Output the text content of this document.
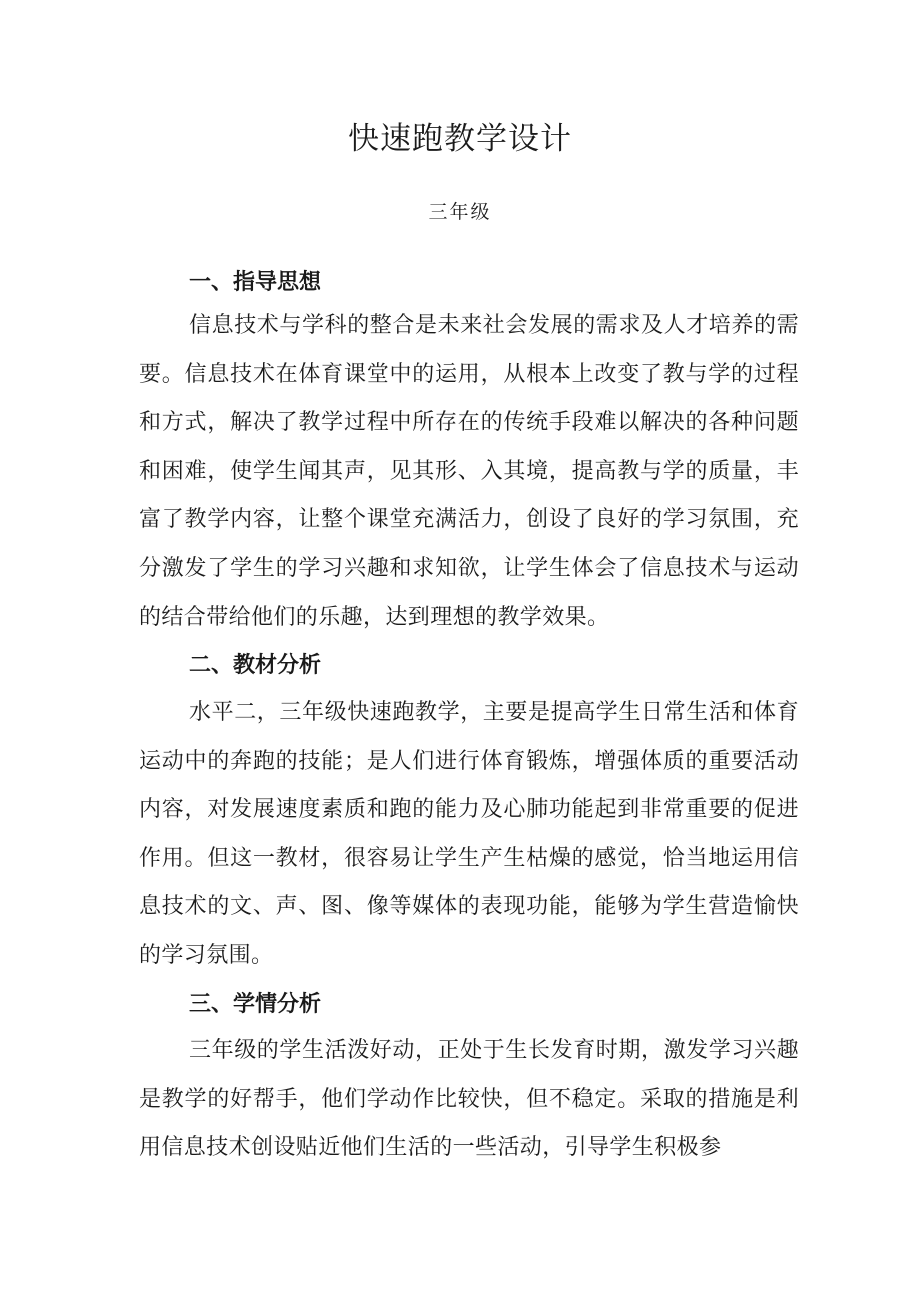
快速跑教学设计
三年级
一、指导思想

信息技术与学科的整合是未来社会发展的需求及人才培养的需要。信息技术在体育课堂中的运用，从根本上改变了教与学的过程和方式，解决了教学过程中所存在的传统手段难以解决的各种问题和困难，使学生闻其声，见其形、入其境，提高教与学的质量，丰富了教学内容，让整个课堂充满活力，创设了良好的学习氛围，充分激发了学生的学习兴趣和求知欲，让学生体会了信息技术与运动的结合带给他们的乐趣，达到理想的教学效果。

二、教材分析

水平二，三年级快速跑教学，主要是提高学生日常生活和体育运动中的奔跑的技能；是人们进行体育锻炼，增强体质的重要活动内容，对发展速度素质和跑的能力及心肺功能起到非常重要的促进作用。但这一教材，很容易让学生产生枯燥的感觉，恰当地运用信息技术的文、声、图、像等媒体的表现功能，能够为学生营造愉快的学习氛围。

三、学情分析

三年级的学生活泼好动，正处于生长发育时期，激发学习兴趣是教学的好帮手，他们学动作比较快，但不稳定。采取的措施是利用信息技术创设贴近他们生活的一些活动，引导学生积极参
